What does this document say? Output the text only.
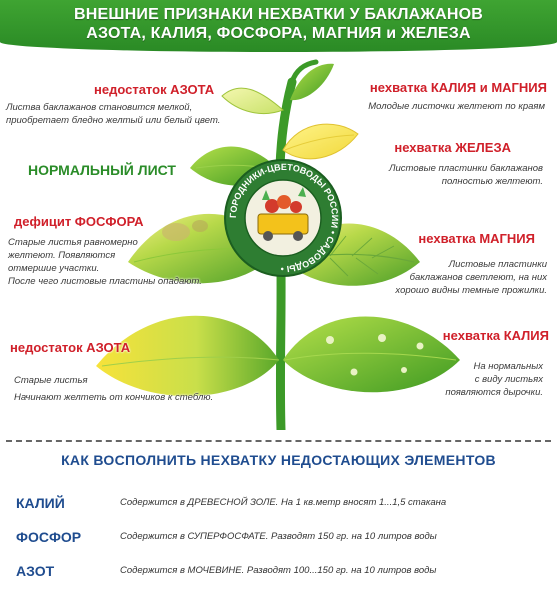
ВНЕШНИЕ ПРИЗНАКИ НЕХВАТКИ У БАКЛАЖАНОВ
АЗОТА, КАЛИЯ, ФОСФОРА, МАГНИЯ и ЖЕЛЕЗА
ГОРОДНИКИ-ЦВЕТОВОДЫ РОССИИ • САДОВОДЫ •
недостаток АЗОТА
Листва баклажанов становится мелкой,
приобретает бледно желтый или белый цвет.
НОРМАЛЬНЫЙ ЛИСТ
дефицит ФОСФОРА
Старые листья равномерно
желтеют. Появляются
отмершие участки.
После чего листовые пластины опадают.
недостаток АЗОТА
Старые листья
Начинают желтеть от кончиков к стеблю.
нехватка КАЛИЯ и МАГНИЯ
Молодые листочки желтеют по краям
нехватка ЖЕЛЕЗА
Листовые пластинки баклажанов
полностью желтеют.
нехватка МАГНИЯ
Листовые пластинки
баклажанов светлеют, на них
хорошо видны темные прожилки.
нехватка КАЛИЯ
На нормальных
с виду листьях
появляются дырочки.
КАК ВОСПОЛНИТЬ НЕХВАТКУ НЕДОСТАЮЩИХ ЭЛЕМЕНТОВ
КАЛИЙ	Содержится в ДРЕВЕСНОЙ ЗОЛЕ. На 1 кв.метр вносят 1...1,5 стакана
ФОСФОР	Содержится в СУПЕРФОСФАТЕ. Разводят 150 гр. на 10 литров воды
АЗОТ	Содержится в МОЧЕВИНЕ. Разводят 100...150 гр. на 10 литров воды
